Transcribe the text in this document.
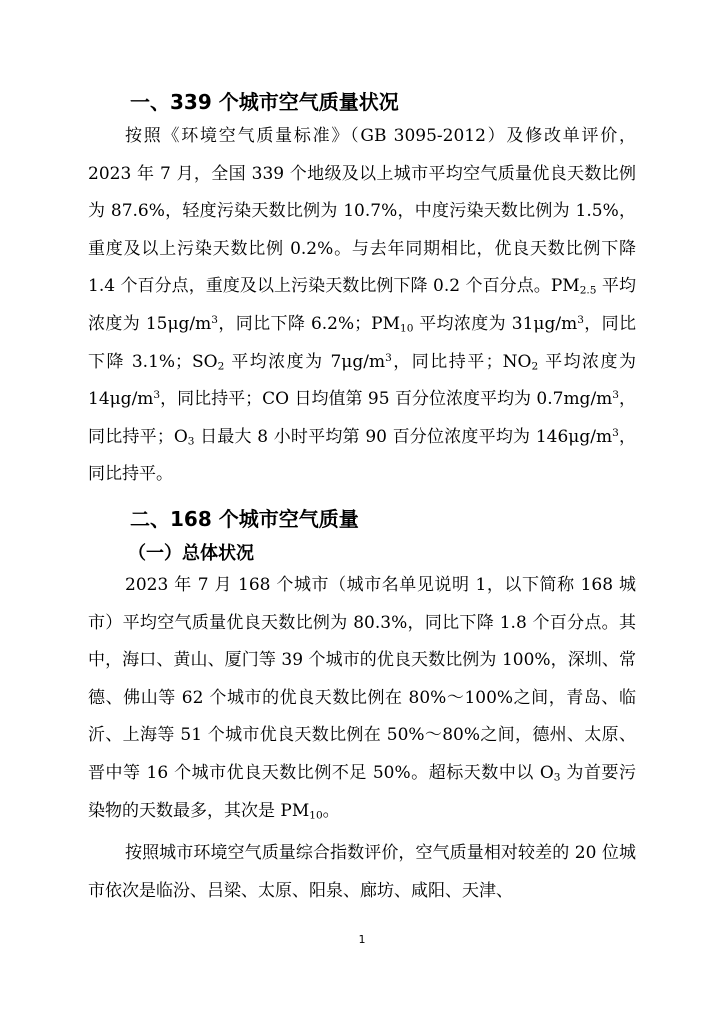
一、339 个城市空气质量状况

按照《环境空气质量标准》（GB 3095-2012）及修改单评价，2023 年 7 月，全国 339 个地级及以上城市平均空气质量优良天数比例为 87.6%，轻度污染天数比例为 10.7%，中度污染天数比例为 1.5%，重度及以上污染天数比例 0.2%。与去年同期相比，优良天数比例下降 1.4 个百分点，重度及以上污染天数比例下降 0.2 个百分点。$PM_{2.5}$ 平均浓度为 $15\mu g/m^3$，同比下降 6.2%；$PM_{10}$ 平均浓度为 $31\mu g/m^3$，同比下降 3.1%；$SO_2$ 平均浓度为 $7\mu g/m^3$，同比持平；$NO_2$ 平均浓度为 $14\mu g/m^3$，同比持平；CO 日均值第 95 百分位浓度平均为 $0.7mg/m^3$，同比持平；$O_3$ 日最大 8 小时平均第 90 百分位浓度平均为 $146\mu g/m^3$，同比持平。

二、168 个城市空气质量
（一）总体状况

2023 年 7 月 168 个城市（城市名单见说明 1，以下简称 168 城市）平均空气质量优良天数比例为 80.3%，同比下降 1.8 个百分点。其中，海口、黄山、厦门等 39 个城市的优良天数比例为 100%，深圳、常德、佛山等 62 个城市的优良天数比例在 80%～100%之间，青岛、临沂、上海等 51 个城市优良天数比例在 50%～80%之间，德州、太原、晋中等 16 个城市优良天数比例不足 50%。超标天数中以 $O_3$ 为首要污染物的天数最多，其次是 $PM_{10}$。

按照城市环境空气质量综合指数评价，空气质量相对较差的 20 位城市依次是临汾、吕梁、太原、阳泉、廊坊、咸阳、天津、

1
